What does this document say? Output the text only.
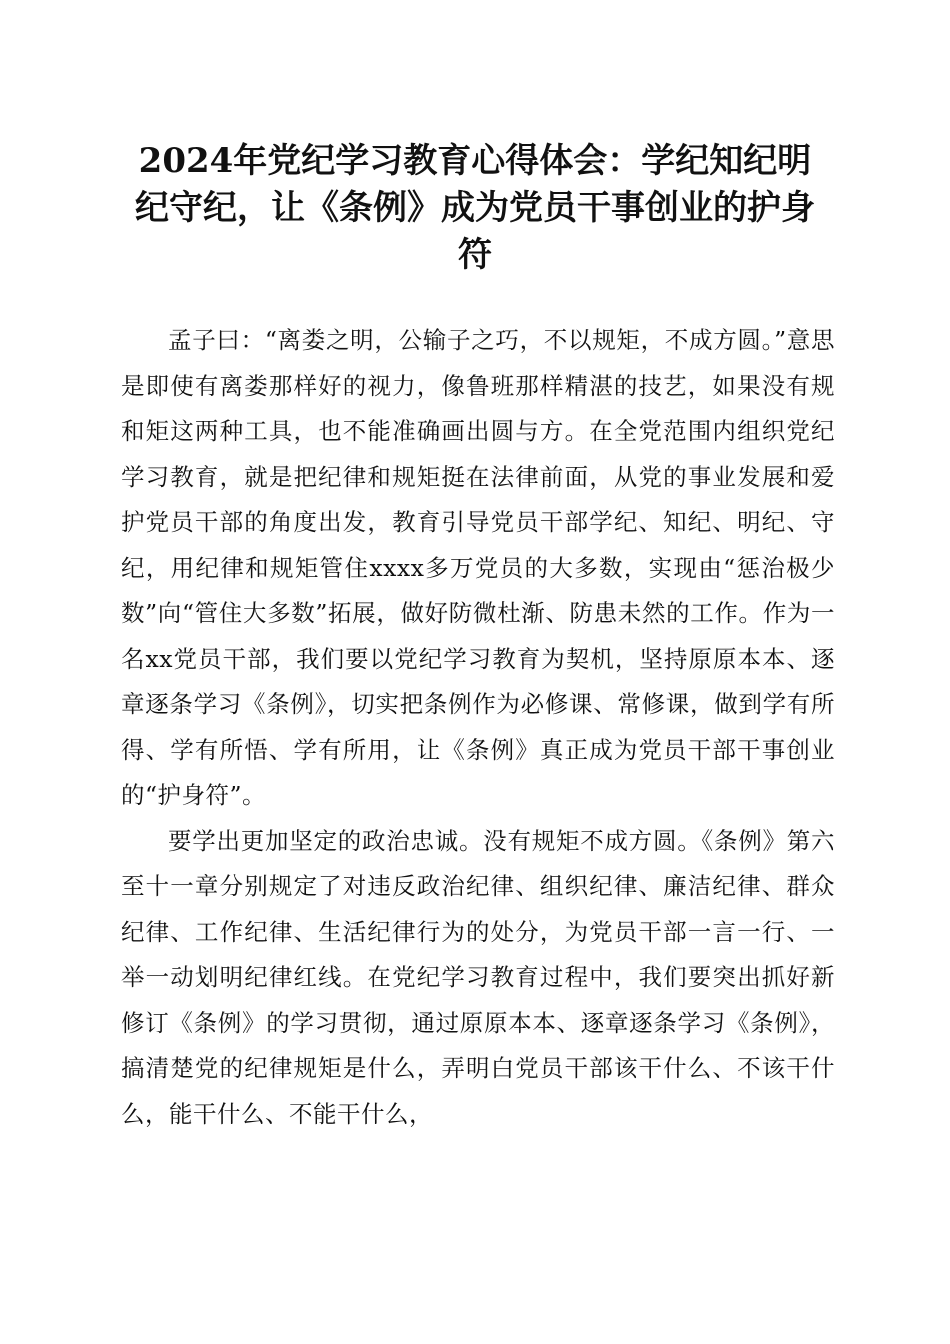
2024年党纪学习教育心得体会：学纪知纪明
纪守纪，让《条例》成为党员干事创业的护身
符

孟子曰：“离娄之明，公输子之巧，不以规矩，不成方圆。”意思是即使有离娄那样好的视力，像鲁班那样精湛的技艺，如果没有规和矩这两种工具，也不能准确画出圆与方。在全党范围内组织党纪学习教育，就是把纪律和规矩挺在法律前面，从党的事业发展和爱护党员干部的角度出发，教育引导党员干部学纪、知纪、明纪、守纪，用纪律和规矩管住xxxx多万党员的大多数，实现由“惩治极少数”向“管住大多数”拓展，做好防微杜渐、防患未然的工作。作为一名xx党员干部，我们要以党纪学习教育为契机，坚持原原本本、逐章逐条学习《条例》，切实把条例作为必修课、常修课，做到学有所得、学有所悟、学有所用，让《条例》真正成为党员干部干事创业的“护身符”。

要学出更加坚定的政治忠诚。没有规矩不成方圆。《条例》第六至十一章分别规定了对违反政治纪律、组织纪律、廉洁纪律、群众纪律、工作纪律、生活纪律行为的处分，为党员干部一言一行、一举一动划明纪律红线。在党纪学习教育过程中，我们要突出抓好新修订《条例》的学习贯彻，通过原原本本、逐章逐条学习《条例》，搞清楚党的纪律规矩是什么，弄明白党员干部该干什么、不该干什么，能干什么、不能干什么，
